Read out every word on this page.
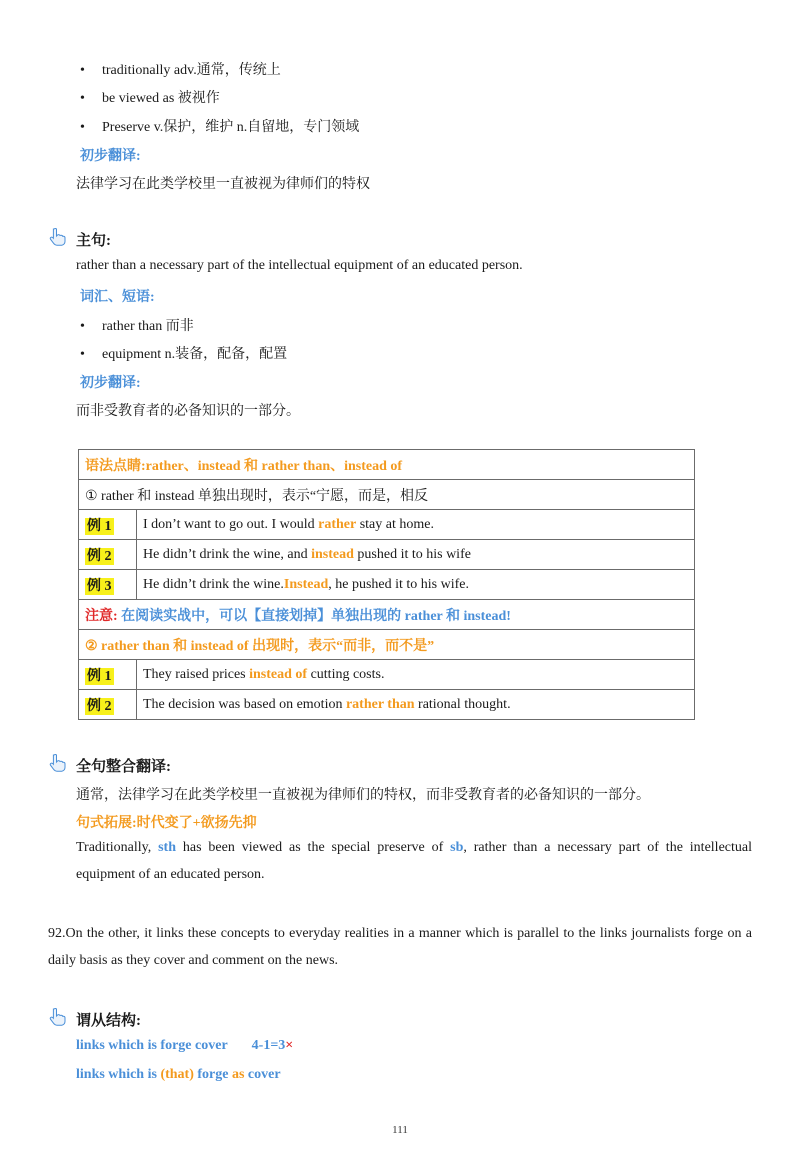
• traditionally adv.通常，传统上
• be viewed as 被视作
• Preserve v.保护，维护 n.自留地，专门领域
初步翻译:
法律学习在此类学校里一直被视为律师们的特权
主句:
rather than a necessary part of the intellectual equipment of an educated person.
词汇、短语:
• rather than 而非
• equipment n.装备，配备，配置
初步翻译:
而非受教育者的必备知识的一部分。
语法点睛:rather、instead 和 rather than、instead of	
① rather 和 instead 单独出现时，表示“宁愿，而是，相反	
例 1	I don’t want to go out. I would rather stay at home.
例 2	He didn’t drink the wine, and instead pushed it to his wife
例 3	He didn’t drink the wine.Instead, he pushed it to his wife.
注意: 在阅读实战中，可以【直接划掉】单独出现的 rather 和 instead!	
② rather than 和 instead of 出现时，表示“而非，而不是”	
例 1	They raised prices instead of cutting costs.
例 2	The decision was based on emotion rather than rational thought.
全句整合翻译:
通常，法律学习在此类学校里一直被视为律师们的特权，而非受教育者的必备知识的一部分。
句式拓展:时代变了+欲扬先抑
Traditionally, sth has been viewed as the special preserve of sb, rather than a necessary part of the intellectual equipment of an educated person.
92.On the other, it links these concepts to everyday realities in a manner which is parallel to the links journalists forge on a daily basis as they cover and comment on the news.
谓从结构:
links which is forge cover 4-1=3×
links which is (that) forge as cover
111
